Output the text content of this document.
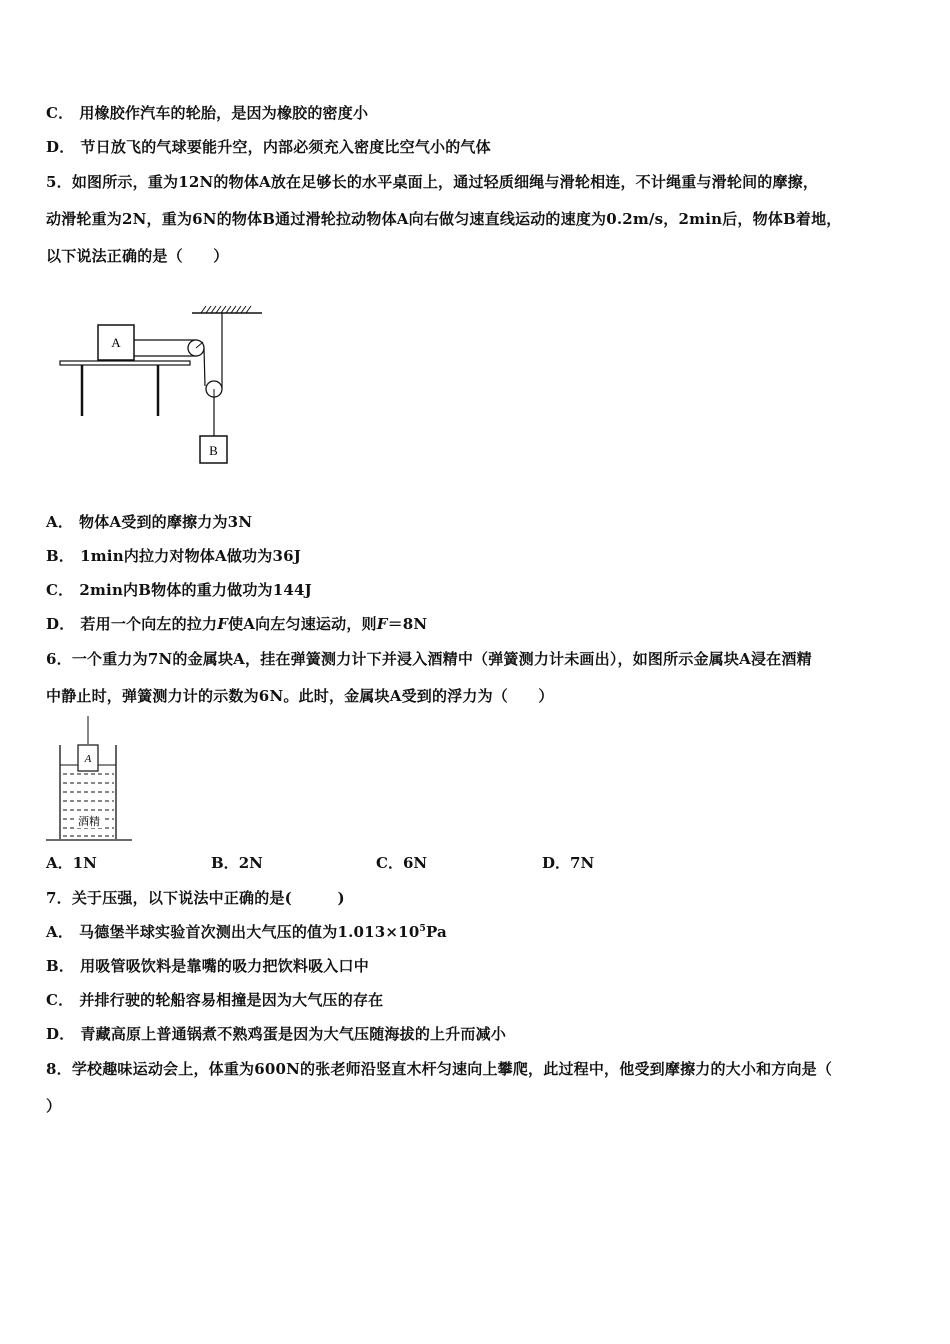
C． 用橡胶作汽车的轮胎，是因为橡胶的密度小
D． 节日放飞的气球要能升空，内部必须充入密度比空气小的气体
5．如图所示，重为12N的物体A放在足够长的水平桌面上，通过轻质细绳与滑轮相连，不计绳重与滑轮间的摩擦，
动滑轮重为2N，重为6N的物体B通过滑轮拉动物体A向右做匀速直线运动的速度为0.2m/s，2min后，物体B着地，
以下说法正确的是（　　）
A
B
A． 物体A受到的摩擦力为3N
B． 1min内拉力对物体A做功为36J
C． 2min内B物体的重力做功为144J
D． 若用一个向左的拉力F使A向左匀速运动，则F＝8N
6．一个重力为7N的金属块A，挂在弹簧测力计下并浸入酒精中（弹簧测力计未画出），如图所示金属块A浸在酒精
中静止时，弹簧测力计的示数为6N。此时，金属块A受到的浮力为（　　）
A
酒精
A．1N	B．2N	C．6N	D．7N
7．关于压强，以下说法中正确的是(　　　)
A． 马德堡半球实验首次测出大气压的值为$1.013\times 10^5Pa$
B． 用吸管吸饮料是靠嘴的吸力把饮料吸入口中
C． 并排行驶的轮船容易相撞是因为大气压的存在
D． 青藏高原上普通锅煮不熟鸡蛋是因为大气压随海拔的上升而减小
8．学校趣味运动会上，体重为600N的张老师沿竖直木杆匀速向上攀爬，此过程中，他受到摩擦力的大小和方向是（
）
